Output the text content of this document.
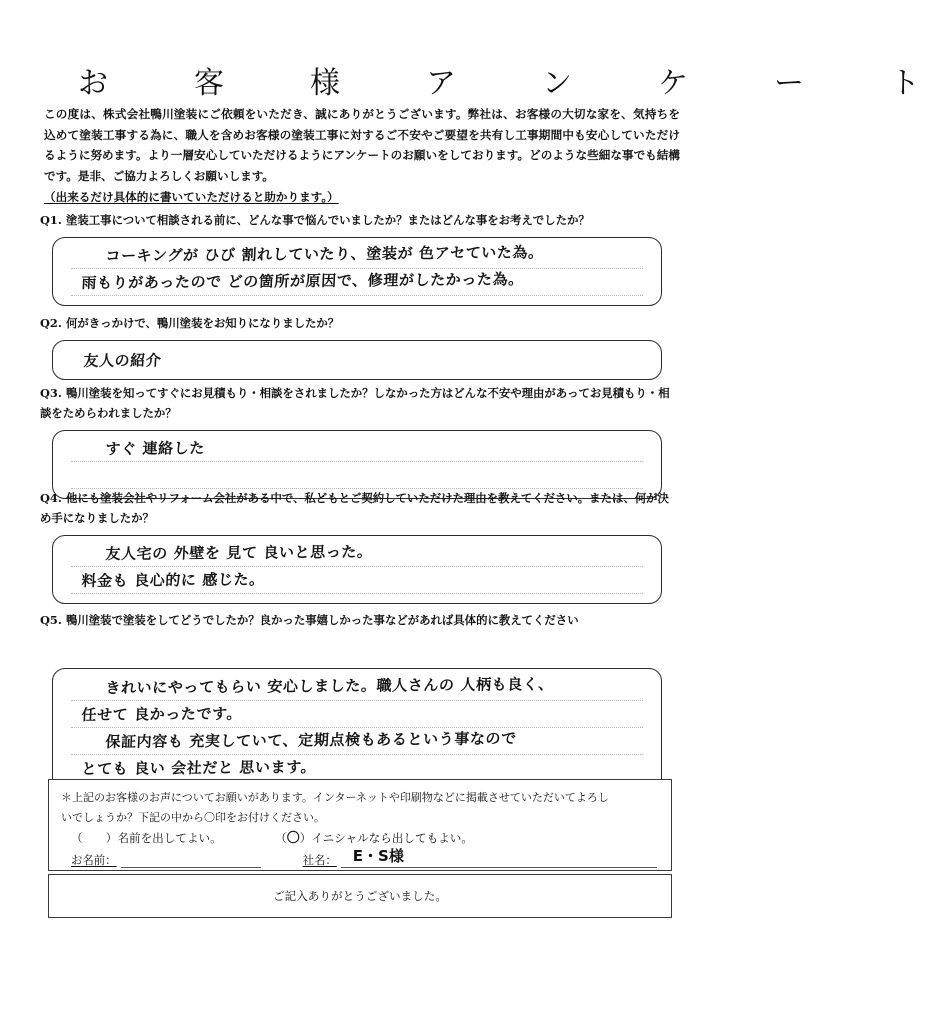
お　客　様　ア　ン　ケ　ー　ト
この度は、株式会社鴨川塗装にご依頼をいただき、誠にありがとうございます。弊社は、お客様の大切な家を、気持ちを込めて塗装工事する為に、職人を含めお客様の塗装工事に対するご不安やご要望を共有し工事期間中も安心していただけるように努めます。より一層安心していただけるようにアンケートのお願いをしております。どのような些細な事でも結構です。是非、ご協力よろしくお願いします。
（出来るだけ具体的に書いていただけると助かります。）
Q1. 塗装工事について相談される前に、どんな事で悩んでいましたか？またはどんな事をお考えでしたか？
コーキングが ひび 割れしていたり、塗装が 色アセていた為。
雨もりがあったので どの箇所が原因で、修理がしたかった為。
Q2. 何がきっかけで、鴨川塗装をお知りになりましたか？
友人の紹介
Q3. 鴨川塗装を知ってすぐにお見積もり・相談をされましたか？しなかった方はどんな不安や理由があってお見積もり・相談をためらわれましたか？
すぐ 連絡した
Q4. 他にも塗装会社やリフォーム会社がある中で、私どもとご契約していただけた理由を教えてください。または、何が決め手になりましたか？
友人宅の 外壁を 見て 良いと思った。
料金も 良心的に 感じた。
Q5. 鴨川塗装で塗装をしてどうでしたか？良かった事嬉しかった事などがあれば具体的に教えてください
きれいにやってもらい 安心しました。職人さんの 人柄も良く、
任せて 良かったです。
保証内容も 充実していて、定期点検もあるという事なので
とても 良い 会社だと 思います。
＊上記のお客様のお声についてお願いがあります。インターネットや印刷物などに掲載させていただいてよろし
いでしょうか？下記の中から〇印をお付けください。
（　　）名前を出してよい。	（〇）イニシャルなら出してもよい。
お名前：	社名： E・S様
ご記入ありがとうございました。
